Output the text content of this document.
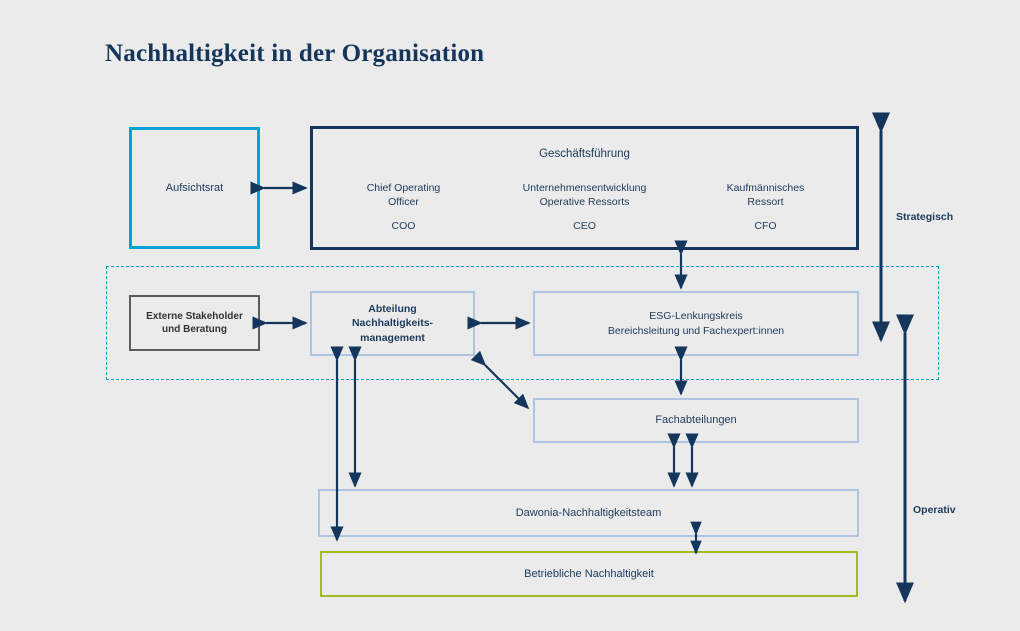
Nachhaltigkeit in der Organisation
Aufsichtsrat
Geschäftsführung
Chief Operating
Officer
COO
Unternehmensentwicklung
Operative Ressorts
CEO
Kaufmännisches
Ressort
CFO
Externe Stakeholder
und Beratung
Abteilung
Nachhaltigkeits-
management
ESG-Lenkungskreis
Bereichsleitung und Fachexpert:innen
Fachabteilungen
Dawonia-Nachhaltigkeitsteam
Betriebliche Nachhaltigkeit
Strategisch
Operativ
